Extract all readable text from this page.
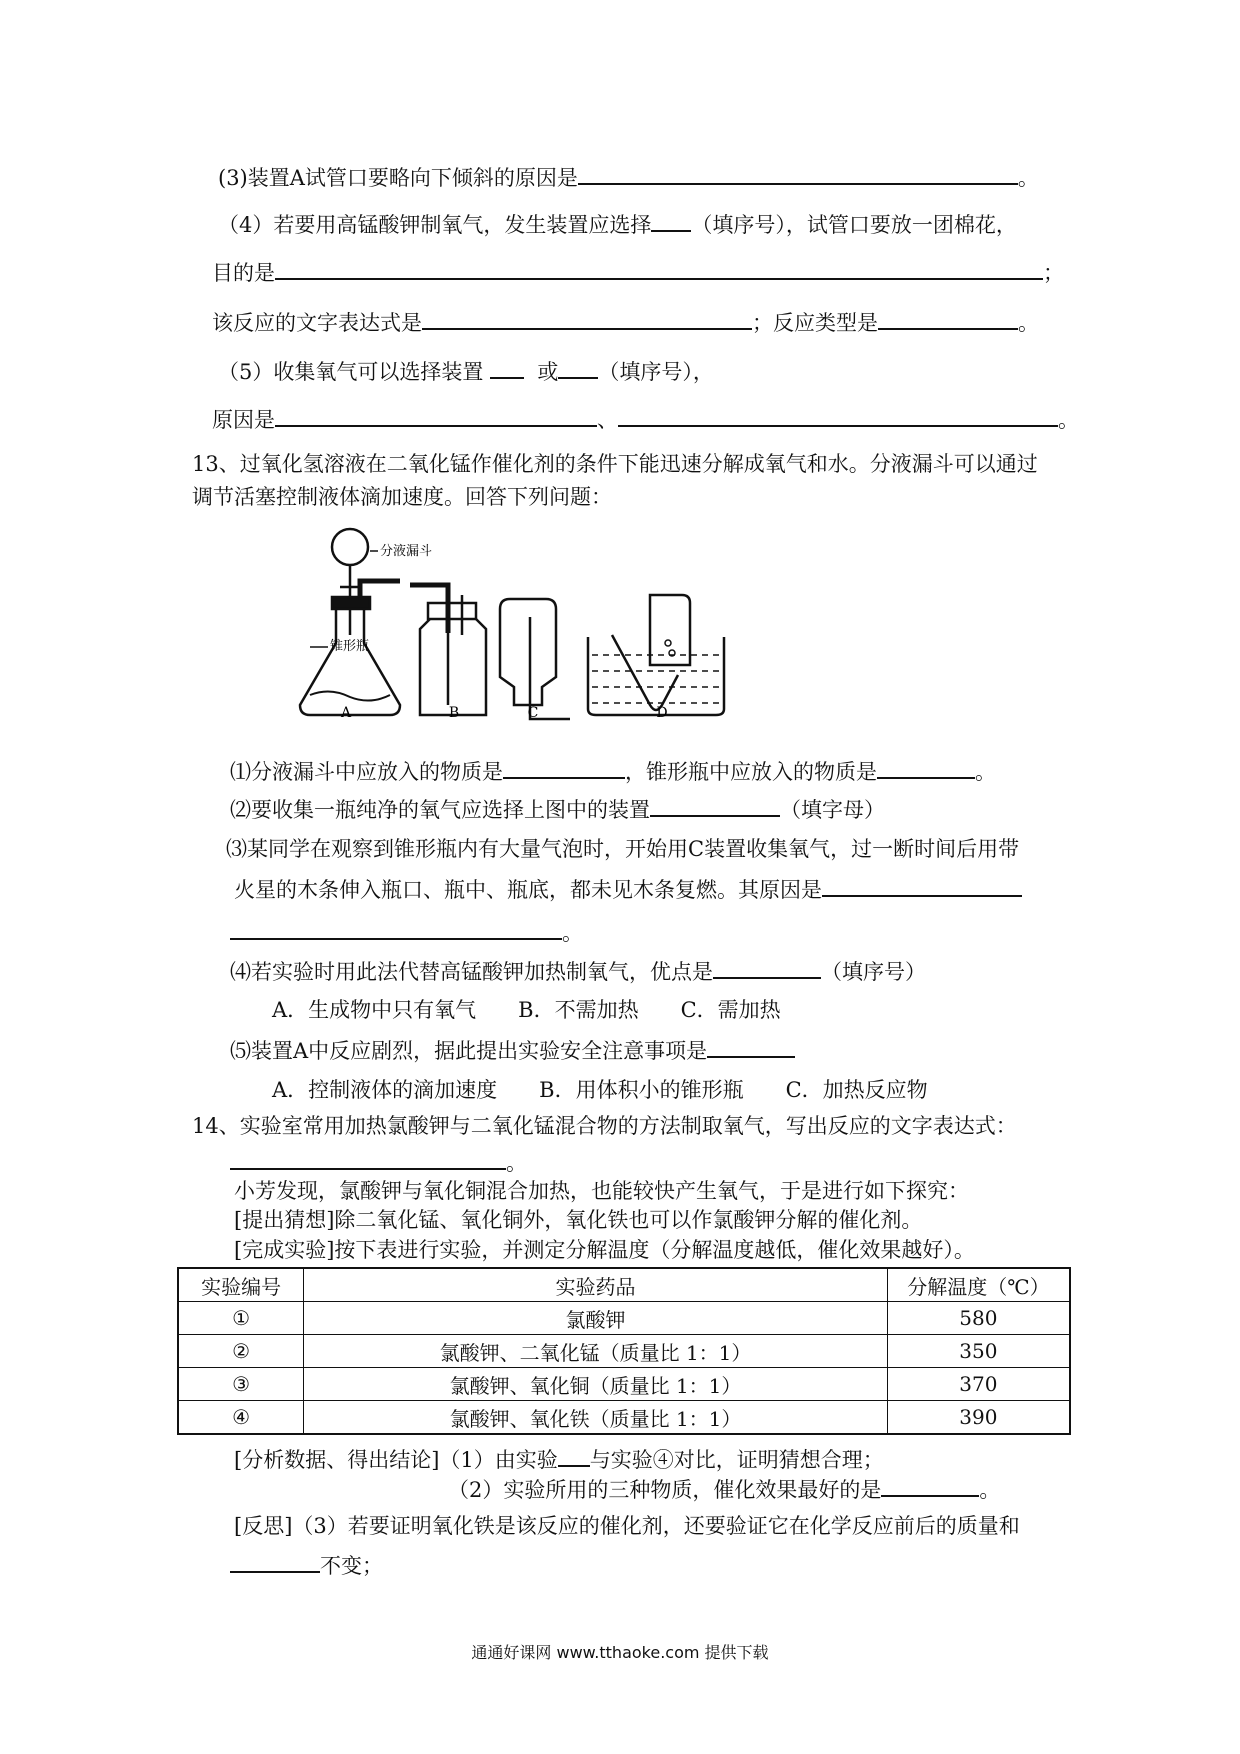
(3)装置A试管口要略向下倾斜的原因是	。
（4）若要用高锰酸钾制氧气，发生装置应选择 （填序号），试管口要放一团棉花，
目的是	；
该反应的文字表达式是	；反应类型是	。
（5）收集氧气可以选择装置	或 （填序号），
原因是	、	。
13、过氧化氢溶液在二氧化锰作催化剂的条件下能迅速分解成氧气和水。分液漏斗可以通过
调节活塞控制液体滴加速度。回答下列问题：
分液漏斗
锥形瓶
A	B	C	D
⑴分液漏斗中应放入的物质是	，锥形瓶中应放入的物质是	。
⑵要收集一瓶纯净的氧气应选择上图中的装置	（填字母）
⑶某同学在观察到锥形瓶内有大量气泡时，开始用C装置收集氧气，过一断时间后用带
火星的木条伸入瓶口、瓶中、瓶底，都未见木条复燃。其原因是
。
⑷若实验时用此法代替高锰酸钾加热制氧气，优点是	（填序号）
A．生成物中只有氧气　　B．不需加热　　C．需加热
⑸装置A中反应剧烈，据此提出实验安全注意事项是
A．控制液体的滴加速度　　B．用体积小的锥形瓶　　C．加热反应物
14、实验室常用加热氯酸钾与二氧化锰混合物的方法制取氧气，写出反应的文字表达式：
。
小芳发现，氯酸钾与氧化铜混合加热，也能较快产生氧气，于是进行如下探究：
[提出猜想]除二氧化锰、氧化铜外，氧化铁也可以作氯酸钾分解的催化剂。
[完成实验]按下表进行实验，并测定分解温度（分解温度越低，催化效果越好）。
实验编号	实验药品	分解温度（℃）
①	氯酸钾	580
②	氯酸钾、二氧化锰（质量比 1：1）	350
③	氯酸钾、氧化铜（质量比 1：1）	370
④	氯酸钾、氧化铁（质量比 1：1）	390
[分析数据、得出结论]（1）由实验 与实验④对比，证明猜想合理；
（2）实验所用的三种物质，催化效果最好的是	。
[反思]（3）若要证明氧化铁是该反应的催化剂，还要验证它在化学反应前后的质量和
不变；
通通好课网 www.tthaoke.com 提供下载
